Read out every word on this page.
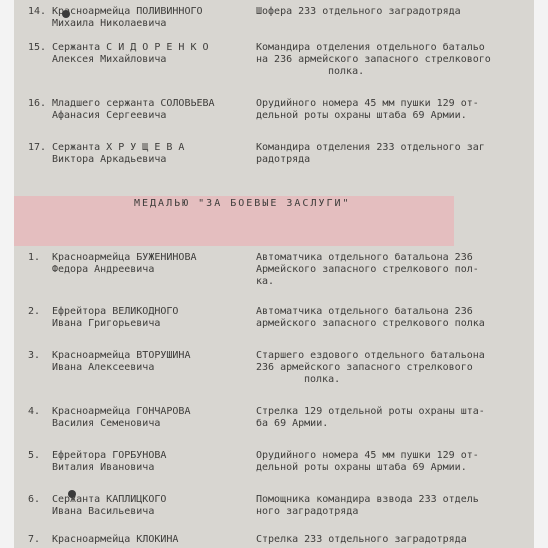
14. Красноармейца ПОЛИВИННОГО
Михаила Николаевича
Шофера 233 отдельного заградотряда
15. Сержанта С И Д О Р Е Н К О
Алексея Михайловича
Командира отделения отдельного батальо
на 236 армейского запасного стрелкового
полка.
16. Младшего сержанта СОЛОВЬЕВА
Афанасия Сергеевича
Орудийного номера 45 мм пушки 129 от-
дельной роты охраны штаба 69 Армии.
17. Сержанта Х Р У Щ Е В А
Виктора Аркадьевича
Командира отделения 233 отдельного заг
радотряда
МЕДАЛЬЮ "ЗА БОЕВЫЕ ЗАСЛУГИ"
1. Красноармейца БУЖЕНИНОВА
Федора Андреевича
Автоматчика отдельного батальона 236
Армейского запасного стрелкового пол-
ка.
2. Ефрейтора ВЕЛИКОДНОГО
Ивана Григорьевича
Автоматчика отдельного батальона 236
армейского запасного стрелкового полка
3. Красноармейца ВТОРУШИНА
Ивана Алексеевича
Старшего ездового отдельного батальона
236 армейского запасного стрелкового
полка.
4. Красноармейца ГОНЧАРОВА
Василия Семеновича
Стрелка 129 отдельной роты охраны шта-
ба 69 Армии.
5. Ефрейтора ГОРБУНОВА
Виталия Ивановича
Орудийного номера 45 мм пушки 129 от-
дельной роты охраны штаба 69 Армии.
6. Сержанта КАПЛИЦКОГО
Ивана Васильевича
Помощника командира взвода 233 отдель
ного заградотряда
7. Красноармейца КЛОКИНА	Стрелка 233 отдельного заградотряда
